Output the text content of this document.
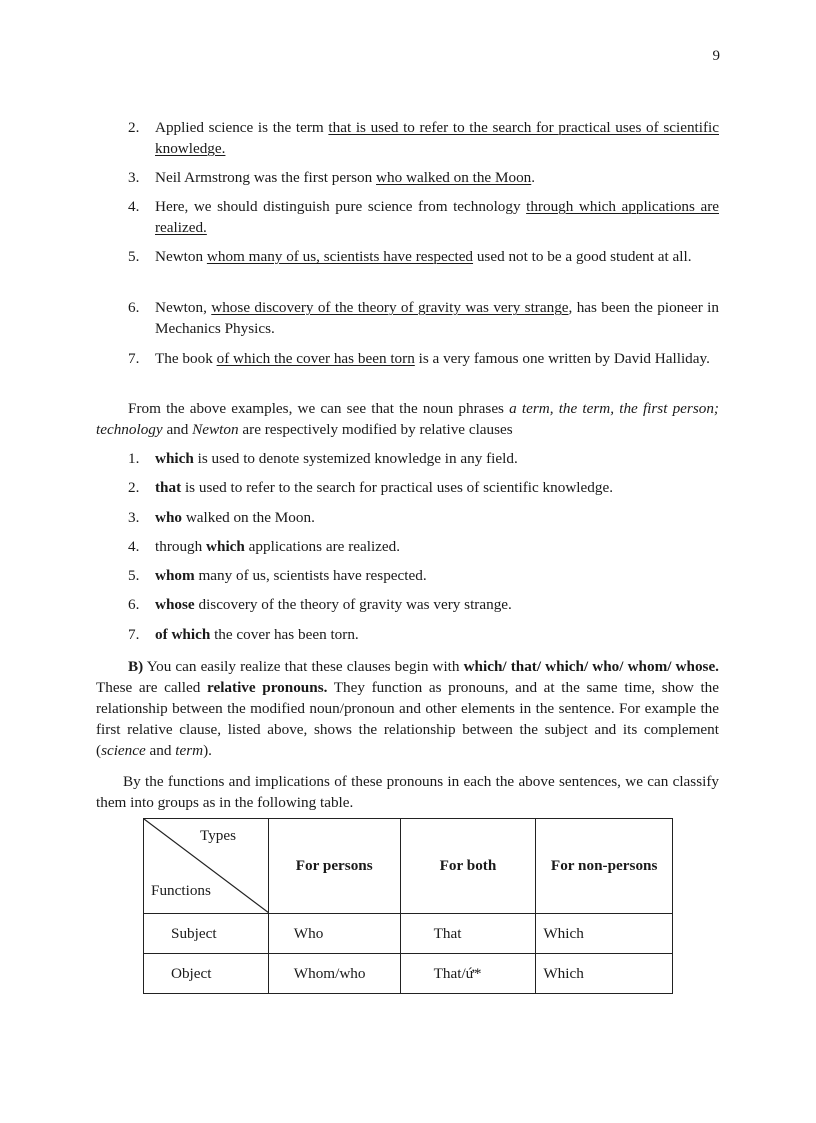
9
2. Applied science is the term that is used to refer to the search for practical uses of scientific knowledge.
3. Neil Armstrong was the first person who walked on the Moon.
4. Here, we should distinguish pure science from technology through which applications are realized.
5. Newton whom many of us, scientists have respected used not to be a good student at all.
6. Newton, whose discovery of the theory of gravity was very strange, has been the pioneer in Mechanics Physics.
7. The book of which the cover has been torn is a very famous one written by David Halliday.
From the above examples, we can see that the noun phrases a term, the term, the first person; technology and Newton are respectively modified by relative clauses
1. which is used to denote systemized knowledge in any field.
2. that is used to refer to the search for practical uses of scientific knowledge.
3. who walked on the Moon.
4. through which applications are realized.
5. whom many of us, scientists have respected.
6. whose discovery of the theory of gravity was very strange.
7. of which the cover has been torn.
B) You can easily realize that these clauses begin with which/ that/ which/ who/ whom/ whose. These are called relative pronouns. They function as pronouns, and at the same time, show the relationship between the modified noun/pronoun and other elements in the sentence. For example the first relative clause, listed above, shows the relationship between the subject and its complement (science and term).
By the functions and implications of these pronouns in each the above sentences, we can classify them into groups as in the following table.
Types
Functions	For persons	For both	For non-persons
Subject	Who	That	Which
Object	Whom/who	That/ứ*	Which
